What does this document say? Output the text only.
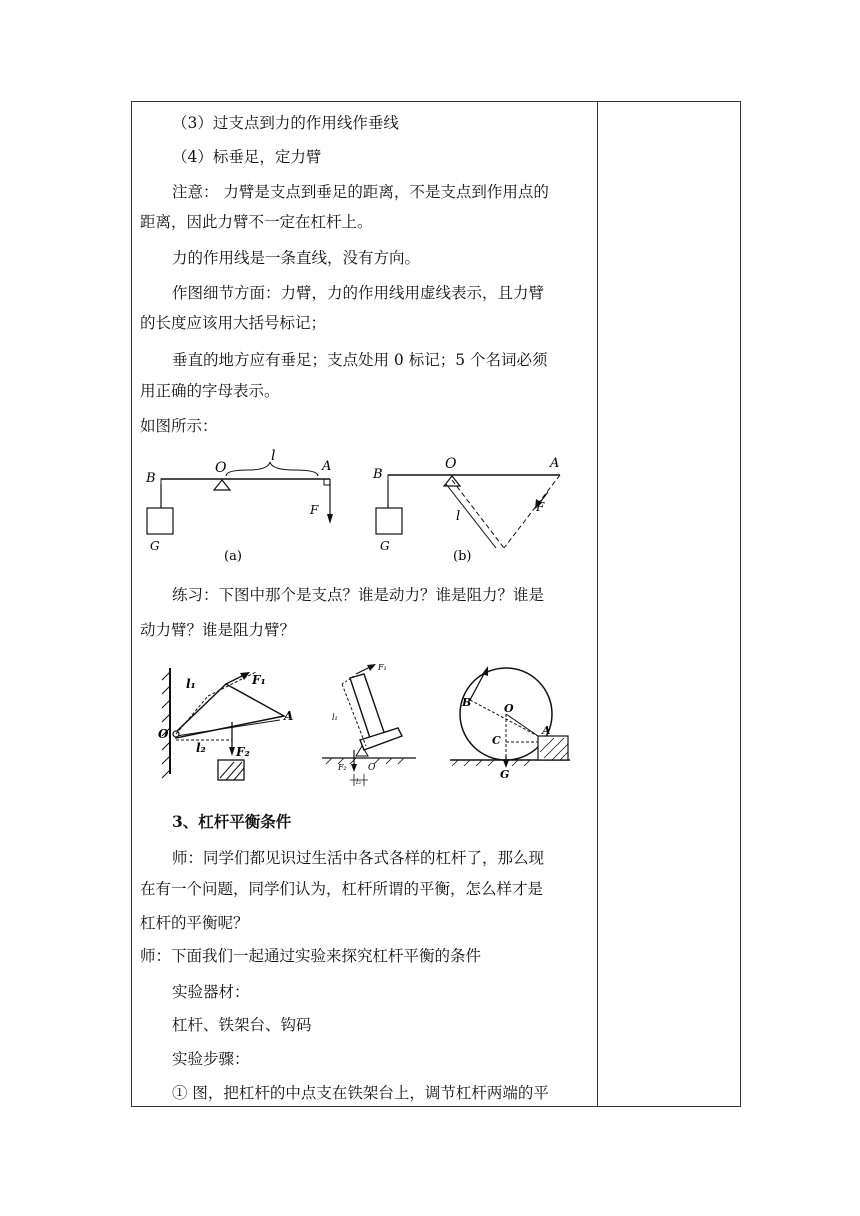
（3）过支点到力的作用线作垂线
（4）标垂足，定力臂
注意： 力臂是支点到垂足的距离，不是支点到作用点的
距离，因此力臂不一定在杠杆上。
力的作用线是一条直线，没有方向。
作图细节方面：力臂，力的作用线用虚线表示，且力臂
的长度应该用大括号标记；
垂直的地方应有垂足；支点处用 0 标记；5 个名词必须
用正确的字母表示。
如图所示：
B
G
O
l
A
F
(a)
B
G
O	A
F
l
(b)
练习：下图中那个是支点？谁是动力？谁是阻力？谁是
动力臂？谁是阻力臂？
l₁	F₁
O
A
l₂	F₂
F₁
l₁
F₂ O
l₂
B	O
C
A
G
3、杠杆平衡条件
师：同学们都见识过生活中各式各样的杠杆了，那么现
在有一个问题，同学们认为，杠杆所谓的平衡，怎么样才是
杠杆的平衡呢？
师：下面我们一起通过实验来探究杠杆平衡的条件
实验器材：
杠杆、铁架台、钩码
实验步骤：
① 图，把杠杆的中点支在铁架台上，调节杠杆两端的平
